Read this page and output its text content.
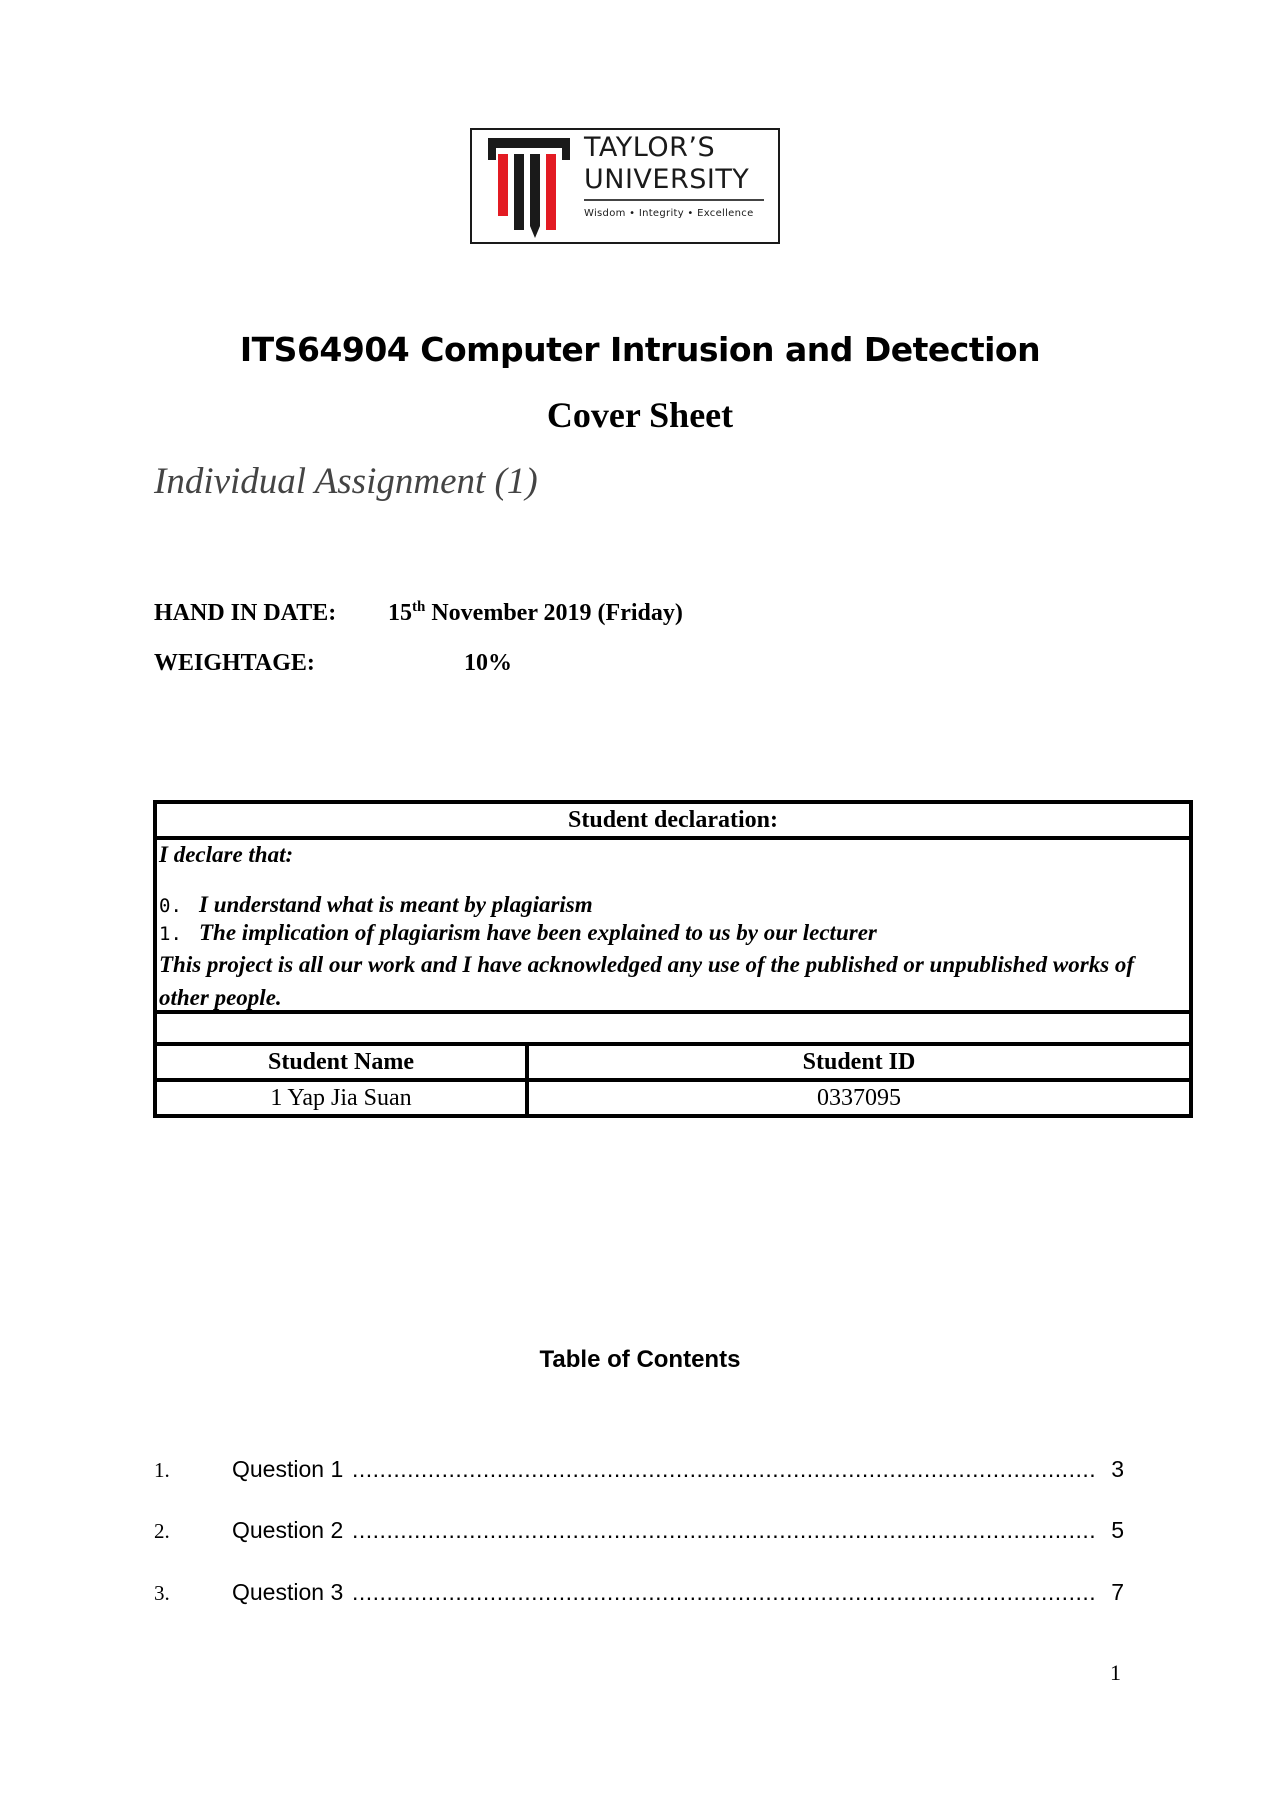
TAYLOR’S
UNIVERSITY
Wisdom • Integrity • Excellence
ITS64904 Computer Intrusion and Detection
Cover Sheet
Individual Assignment (1)
HAND IN DATE: 15th November 2019 (Friday)
WEIGHTAGE:	10%
Student declaration:
I declare that:
0. I understand what is meant by plagiarism
1. The implication of plagiarism have been explained to us by our lecturer
This project is all our work and I have acknowledged any use of the published or unpublished works of other people.
Student Name	Student ID
1 Yap Jia Suan	0337095
Table of Contents
1.	Question 1 .....	3
2.	Question 2 .....	5
3.	Question 3 .....	7
1
